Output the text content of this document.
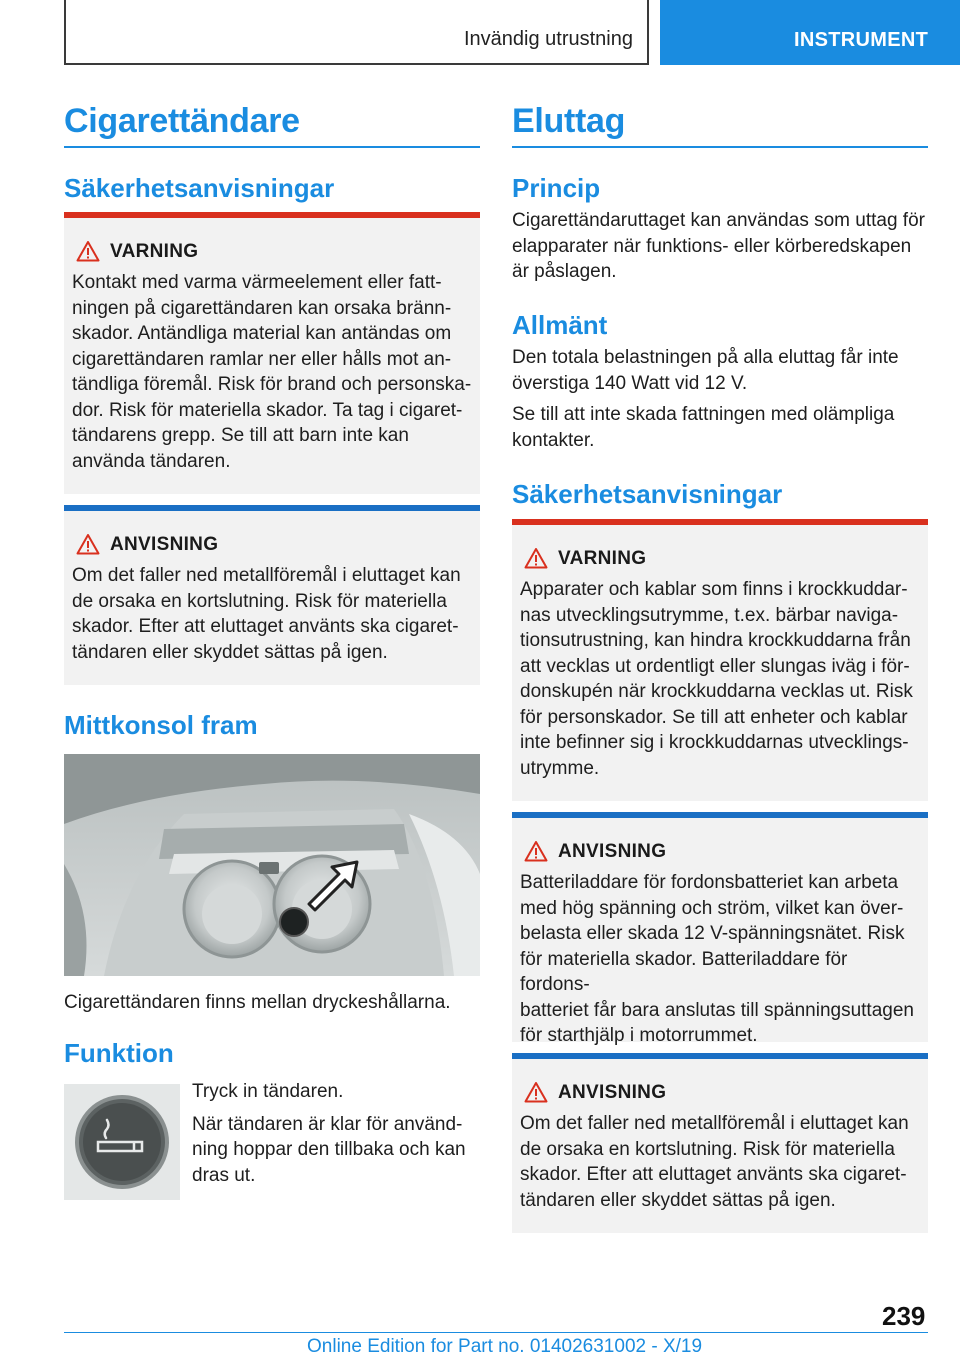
Invändig utrustning	INSTRUMENT
Cigarettändare
Säkerhetsanvisningar
VARNING
Kontakt med varma värmeelement eller fatt-
ningen på cigarettändaren kan orsaka bränn-
skador. Antändliga material kan antändas om
cigarettändaren ramlar ner eller hålls mot an-
tändliga föremål. Risk för brand och personska-
dor. Risk för materiella skador. Ta tag i cigaret-
tändarens grepp. Se till att barn inte kan
använda tändaren.
ANVISNING
Om det faller ned metallföremål i eluttaget kan
de orsaka en kortslutning. Risk för materiella
skador. Efter att eluttaget använts ska cigaret-
tändaren eller skyddet sättas på igen.
Mittkonsol fram
Cigarettändaren finns mellan dryckeshållarna.
Funktion
Tryck in tändaren.
När tändaren är klar för använd-
ning hoppar den tillbaka och kan
dras ut.
Eluttag
Princip
Cigarettändaruttaget kan användas som uttag för
elapparater när funktions- eller körberedskapen
är påslagen.
Allmänt
Den totala belastningen på alla eluttag får inte
överstiga 140 Watt vid 12 V.
Se till att inte skada fattningen med olämpliga
kontakter.
Säkerhetsanvisningar
VARNING
Apparater och kablar som finns i krockkuddar-
nas utvecklingsutrymme, t.ex. bärbar naviga-
tionsutrustning, kan hindra krockkuddarna från
att vecklas ut ordentligt eller slungas iväg i för-
donskupén när krockkuddarna vecklas ut. Risk
för personskador. Se till att enheter och kablar
inte befinner sig i krockkuddarnas utvecklings-
utrymme.
ANVISNING
Batteriladdare för fordonsbatteriet kan arbeta
med hög spänning och ström, vilket kan över-
belasta eller skada 12 V-spänningsnätet. Risk
för materiella skador. Batteriladdare för fordons-
batteriet får bara anslutas till spänningsuttagen
för starthjälp i motorrummet.
ANVISNING
Om det faller ned metallföremål i eluttaget kan
de orsaka en kortslutning. Risk för materiella
skador. Efter att eluttaget använts ska cigaret-
tändaren eller skyddet sättas på igen.
239
Online Edition for Part no. 01402631002 - X/19
